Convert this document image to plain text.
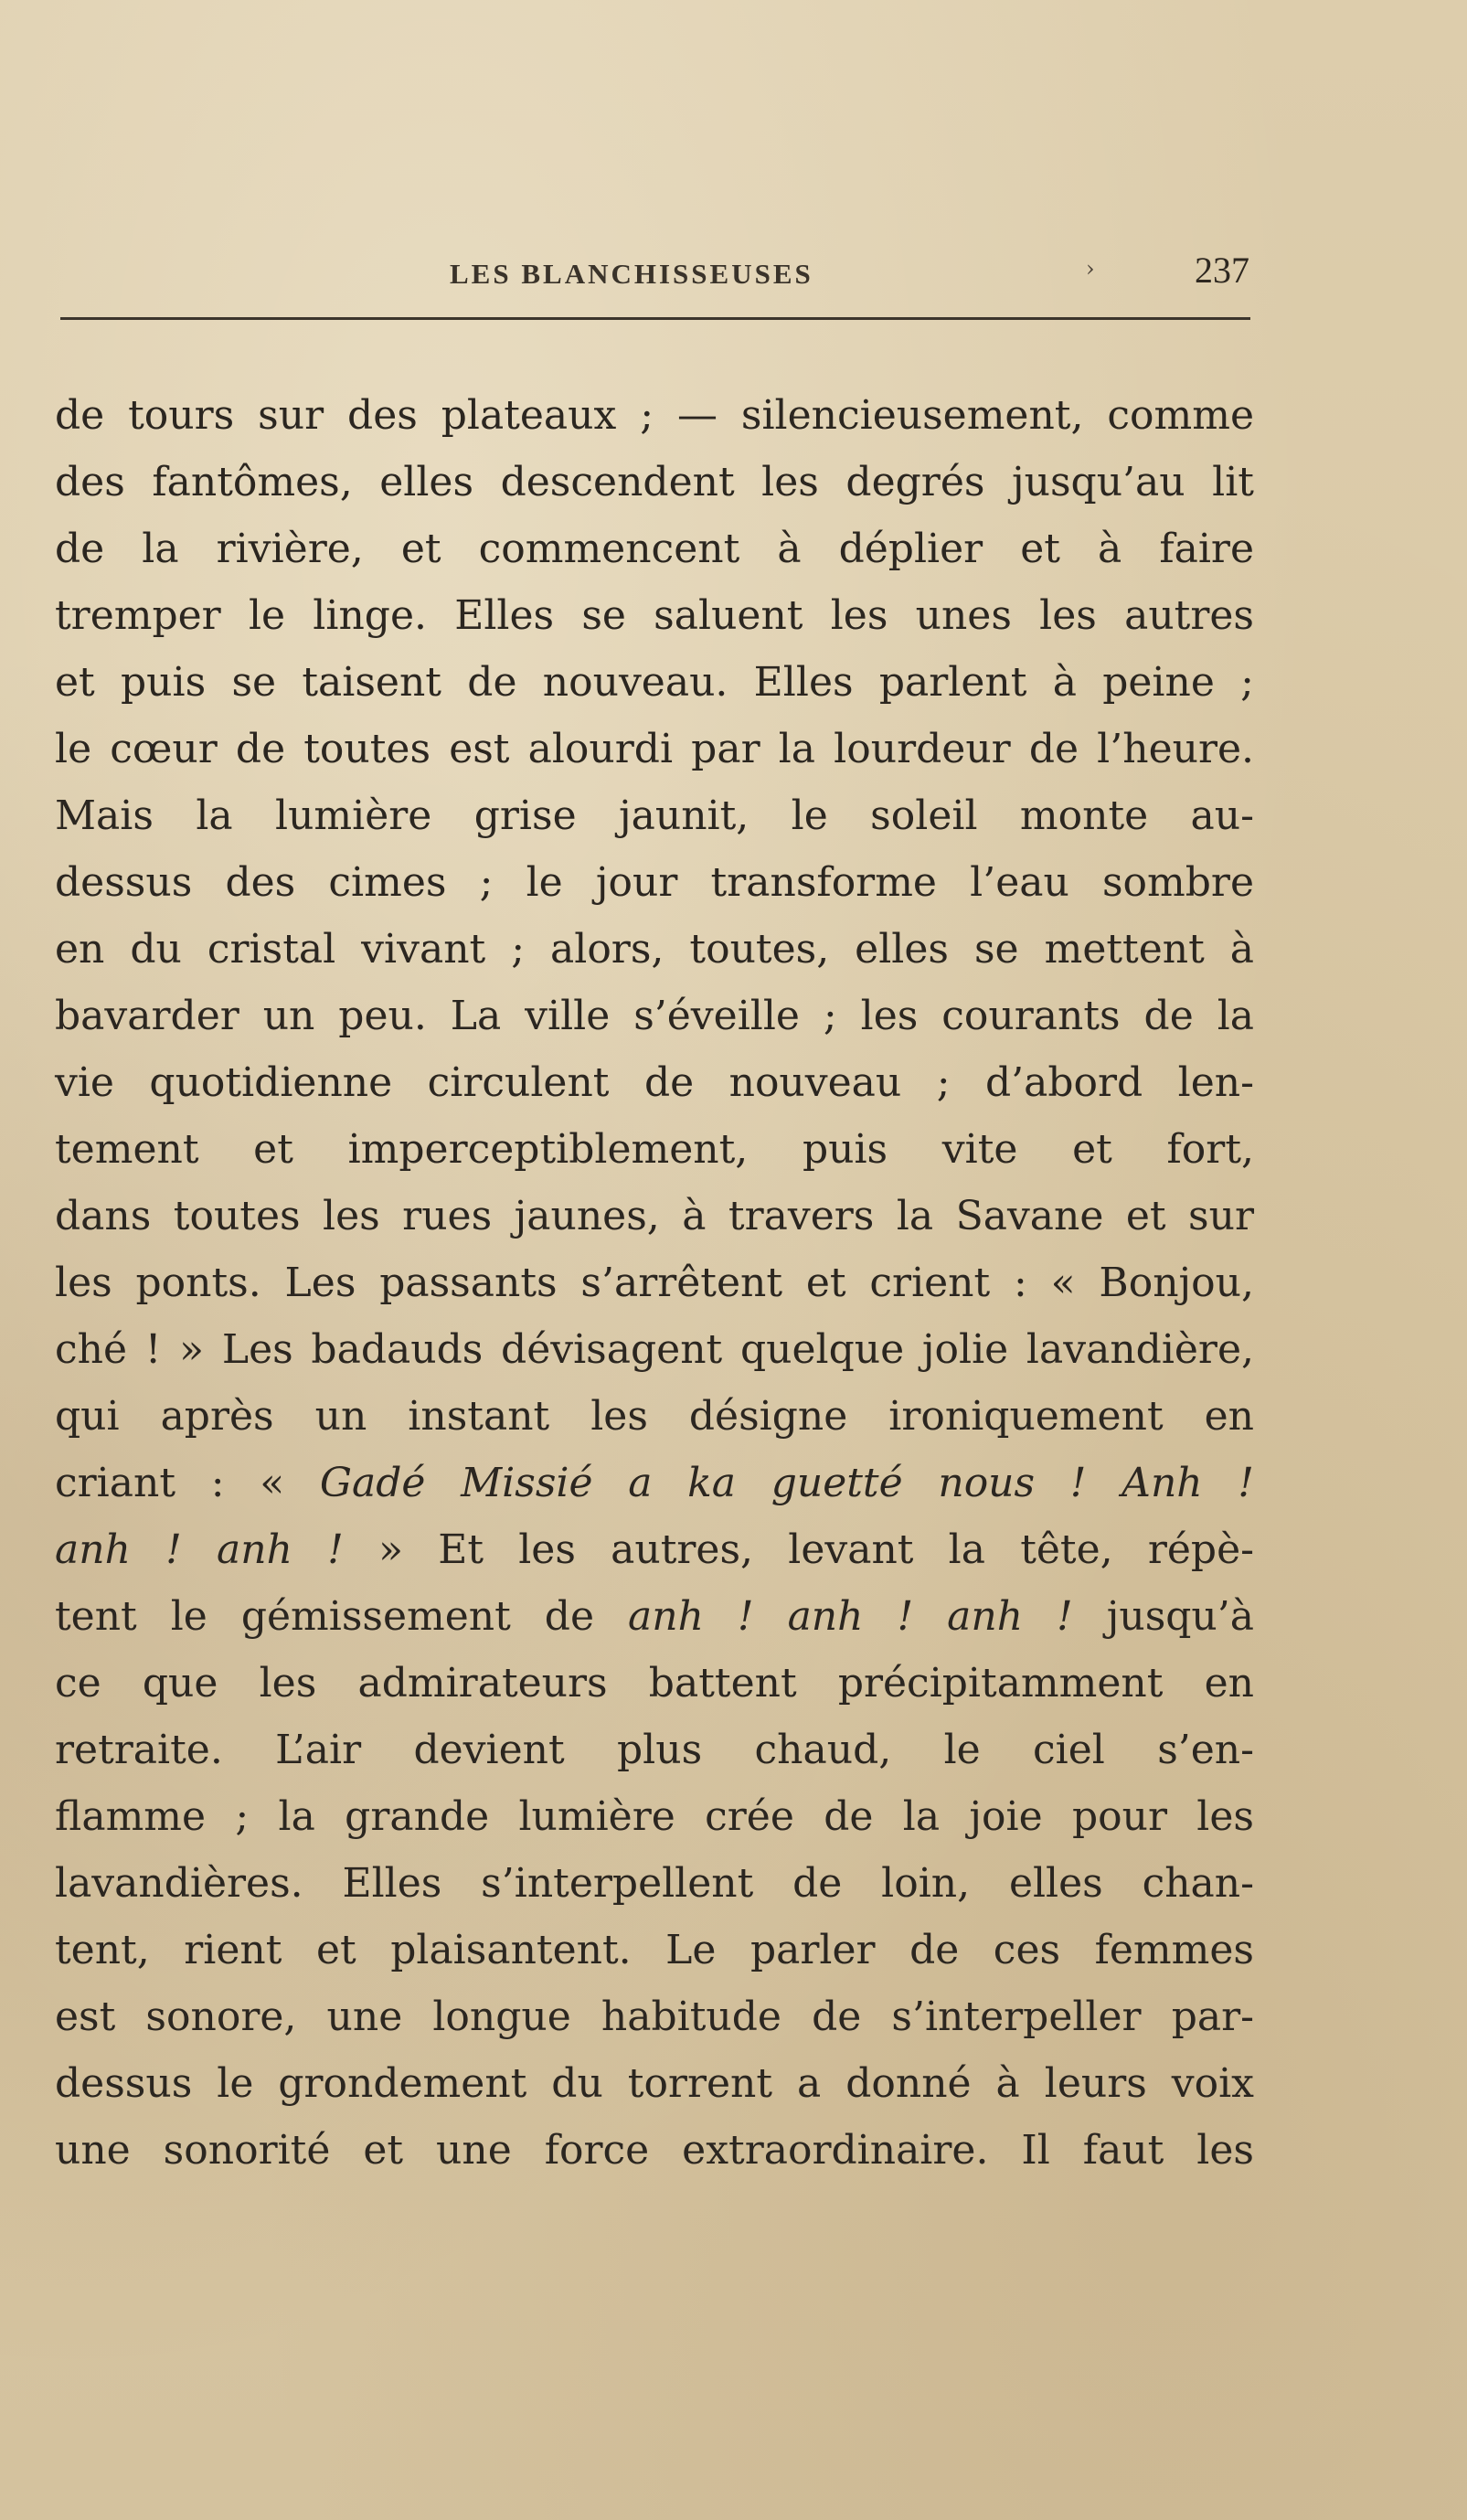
LES BLANCHISSEUSES	›	237
de tours sur des plateaux ; — silencieusement, comme
des fantômes, elles descendent les degrés jusqu’au lit
de la rivière, et commencent à déplier et à faire
tremper le linge. Elles se saluent les unes les autres
et puis se taisent de nouveau. Elles parlent à peine ;
le cœur de toutes est alourdi par la lourdeur de l’heure.
Mais la lumière grise jaunit, le soleil monte au-
dessus des cimes ; le jour transforme l’eau sombre
en du cristal vivant ; alors, toutes, elles se mettent à
bavarder un peu. La ville s’éveille ; les courants de la
vie quotidienne circulent de nouveau ; d’abord len-
tement et imperceptiblement, puis vite et fort,
dans toutes les rues jaunes, à travers la Savane et sur
les ponts. Les passants s’arrêtent et crient : « Bonjou,
ché ! » Les badauds dévisagent quelque jolie lavandière,
qui après un instant les désigne ironiquement en
criant : « Gadé Missié a ka guetté nous ! Anh !
anh ! anh ! » Et les autres, levant la tête, répè-
tent le gémissement de anh ! anh ! anh ! jusqu’à
ce que les admirateurs battent précipitamment en
retraite. L’air devient plus chaud, le ciel s’en-
flamme ; la grande lumière crée de la joie pour les
lavandières. Elles s’interpellent de loin, elles chan-
tent, rient et plaisantent. Le parler de ces femmes
est sonore, une longue habitude de s’interpeller par-
dessus le grondement du torrent a donné à leurs voix
une sonorité et une force extraordinaire. Il faut les
